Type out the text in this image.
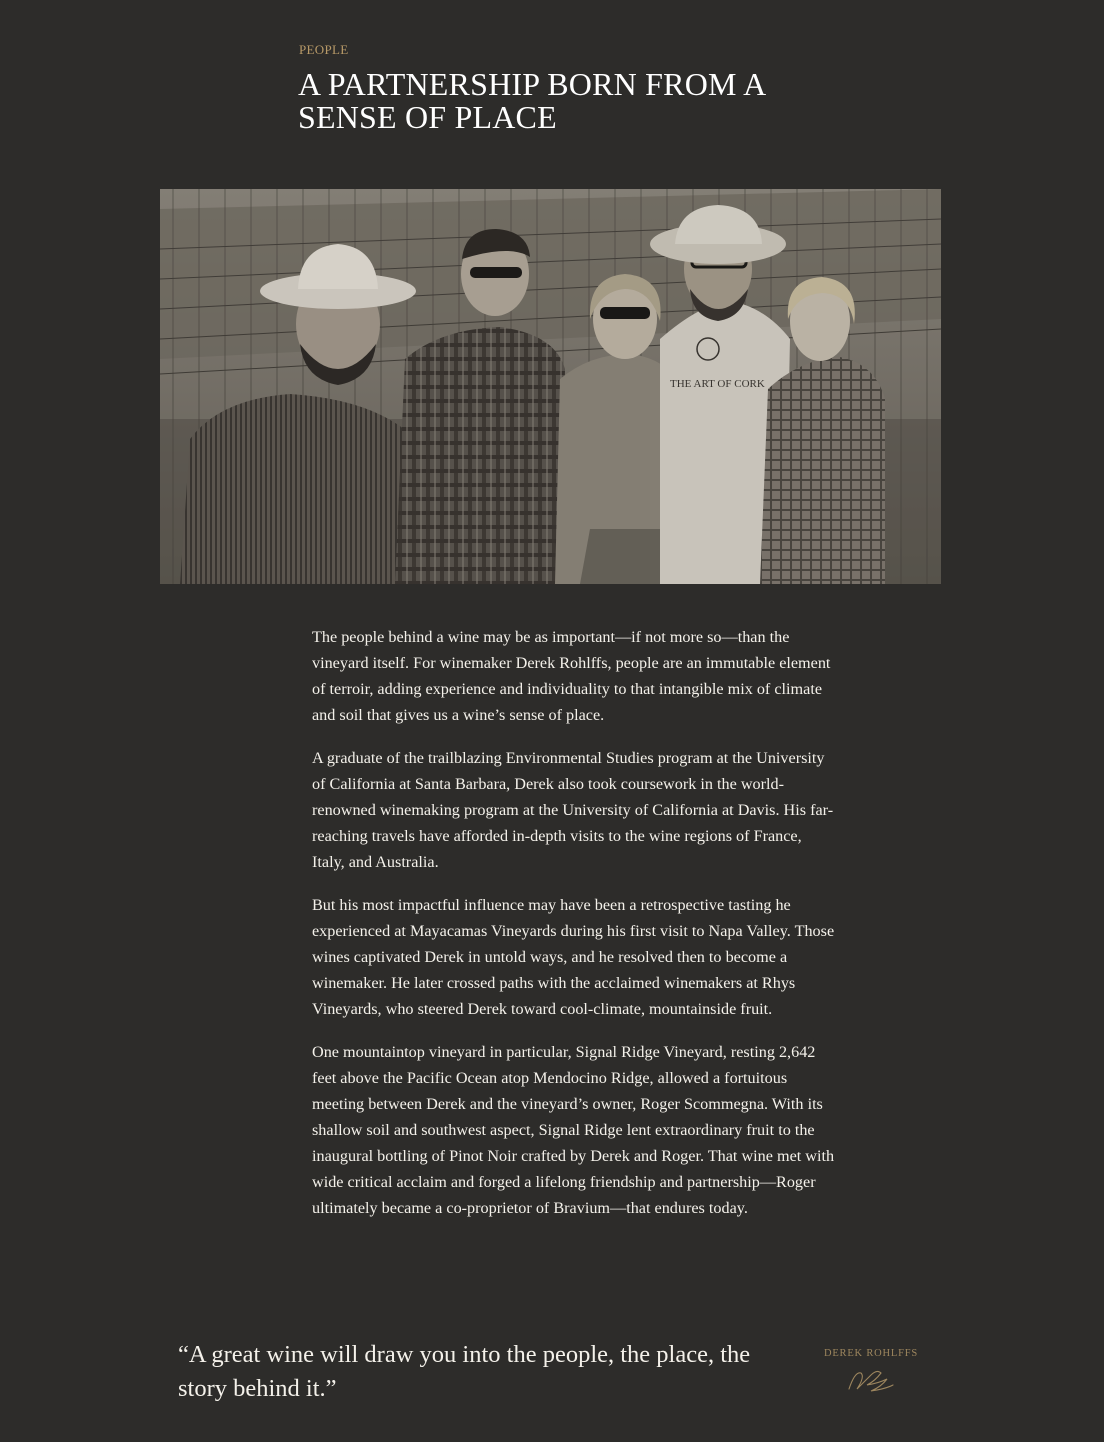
PEOPLE
A PARTNERSHIP BORN FROM A SENSE OF PLACE
THE ART OF CORK

The people behind a wine may be as important—if not more so—than the vineyard itself. For winemaker Derek Rohlffs, people are an immutable element of terroir, adding experience and individuality to that intangible mix of climate and soil that gives us a wine’s sense of place.

A graduate of the trailblazing Environmental Studies program at the University of California at Santa Barbara, Derek also took coursework in the world-renowned winemaking program at the University of California at Davis. His far-reaching travels have afforded in-depth visits to the wine regions of France, Italy, and Australia.

But his most impactful influence may have been a retrospective tasting he experienced at Mayacamas Vineyards during his first visit to Napa Valley. Those wines captivated Derek in untold ways, and he resolved then to become a winemaker. He later crossed paths with the acclaimed winemakers at Rhys Vineyards, who steered Derek toward cool-climate, mountainside fruit.

One mountaintop vineyard in particular, Signal Ridge Vineyard, resting 2,642 feet above the Pacific Ocean atop Mendocino Ridge, allowed a fortuitous meeting between Derek and the vineyard’s owner, Roger Scommegna. With its shallow soil and southwest aspect, Signal Ridge lent extraordinary fruit to the inaugural bottling of Pinot Noir crafted by Derek and Roger. That wine met with wide critical acclaim and forged a lifelong friendship and partnership—Roger ultimately became a co-proprietor of Bravium—that endures today.

“A great wine will draw you into the people, the place, the story behind it.”
DEREK ROHLFFS
